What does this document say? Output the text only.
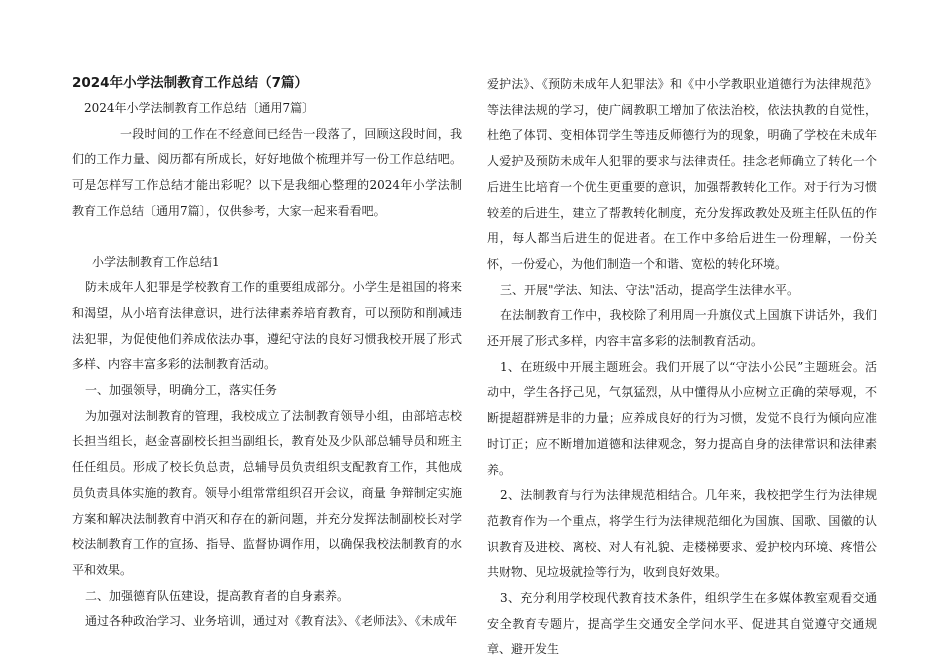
2024年小学法制教育工作总结（7篇）

2024年小学法制教育工作总结〔通用7篇〕

一段时间的工作在不经意间已经告一段落了，回顾这段时间，我们的工作力量、阅历都有所成长，好好地做个梳理并写一份工作总结吧。可是怎样写工作总结才能出彩呢？以下是我细心整理的2024年小学法制教育工作总结〔通用7篇〕，仅供参考，大家一起来看看吧。

小学法制教育工作总结1

防未成年人犯罪是学校教育工作的重要组成部分。小学生是祖国的将来和渴望，从小培育法律意识，进行法律素养培育教育，可以预防和削减违法犯罪，为促使他们养成依法办事，遵纪守法的良好习惯我校开展了形式多样、内容丰富多彩的法制教育活动。

一、加强领导，明确分工，落实任务

为加强对法制教育的管理，我校成立了法制教育领导小组，由部培志校长担当组长，赵金喜副校长担当副组长，教育处及少队部总辅导员和班主任任组员。形成了校长负总责，总辅导员负责组织支配教育工作，其他成员负责具体实施的教育。领导小组常常组织召开会议，商量 争辩制定实施方案和解决法制教育中消灭和存在的新问题，并充分发挥法制副校长对学校法制教育工作的宣扬、指导、监督协调作用，以确保我校法制教育的水平和效果。

二、加强德育队伍建设，提高教育者的自身素养。

通过各种政治学习、业务培训，通过对《教育法》、《老师法》、《未成年

爱护法》、《预防未成年人犯罪法》和《中小学教职业道德行为法律规范》等法律法规的学习，使广阔教职工增加了依法治校，依法执教的自觉性，杜绝了体罚、变相体罚学生等违反师德行为的现象，明确了学校在未成年人爱护及预防未成年人犯罪的要求与法律责任。挂念老师确立了转化一个后进生比培育一个优生更重要的意识，加强帮教转化工作。对于行为习惯较差的后进生，建立了帮教转化制度，充分发挥政教处及班主任队伍的作用，每人都当后进生的促进者。在工作中多给后进生一份理解，一份关怀，一份爱心，为他们制造一个和谐、宽松的转化环境。

三、开展"学法、知法、守法"活动，提高学生法律水平。

在法制教育工作中，我校除了利用周一升旗仪式上国旗下讲话外，我们还开展了形式多样，内容丰富多彩的法制教育活动。

1、在班级中开展主题班会。我们开展了以“守法小公民”主题班会。活动中，学生各抒己见，气氛猛烈，从中懂得从小应树立正确的荣辱观，不断提超群辨是非的力量；应养成良好的行为习惯，发觉不良行为倾向应准时订正；应不断增加道德和法律观念，努力提高自身的法律常识和法律素养。

2、法制教育与行为法律规范相结合。几年来，我校把学生行为法律规范教育作为一个重点，将学生行为法律规范细化为国旗、国歌、国徽的认识教育及进校、离校、对人有礼貌、走楼梯要求、爱护校内环境、疼惜公共财物、见垃圾就捡等行为，收到良好效果。

3、充分利用学校现代教育技术条件，组织学生在多媒体教室观看交通安全教育专题片，提高学生交通安全学问水平、促进其自觉遵守交通规章、避开发生
